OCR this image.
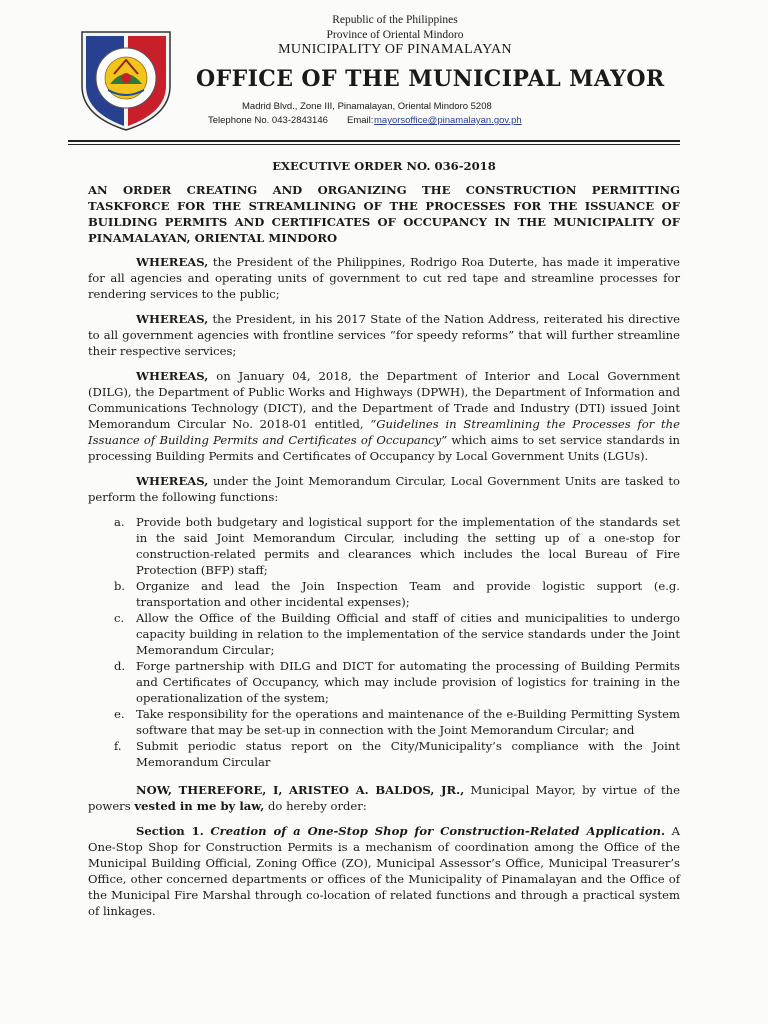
Republic of the Philippines
Province of Oriental Mindoro
MUNICIPALITY OF PINAMALAYAN
OFFICE OF THE MUNICIPAL MAYOR
Madrid Blvd., Zone III, Pinamalayan, Oriental Mindoro 5208
Telephone No. 043-2843146 Email: mayorsoffice@pinamalayan.gov.ph
EXECUTIVE ORDER NO. 036-2018
AN ORDER CREATING AND ORGANIZING THE CONSTRUCTION PERMITTING TASKFORCE FOR THE STREAMLINING OF THE PROCESSES FOR THE ISSUANCE OF BUILDING PERMITS AND CERTIFICATES OF OCCUPANCY IN THE MUNICIPALITY OF PINAMALAYAN, ORIENTAL MINDORO

WHEREAS, the President of the Philippines, Rodrigo Roa Duterte, has made it imperative for all agencies and operating units of government to cut red tape and streamline processes for rendering services to the public;

WHEREAS, the President, in his 2017 State of the Nation Address, reiterated his directive to all government agencies with frontline services “for speedy reforms” that will further streamline their respective services;

WHEREAS, on January 04, 2018, the Department of Interior and Local Government (DILG), the Department of Public Works and Highways (DPWH), the Department of Information and Communications Technology (DICT), and the Department of Trade and Industry (DTI) issued Joint Memorandum Circular No. 2018-01 entitled, “Guidelines in Streamlining the Processes for the Issuance of Building Permits and Certificates of Occupancy” which aims to set service standards in processing Building Permits and Certificates of Occupancy by Local Government Units (LGUs).

WHEREAS, under the Joint Memorandum Circular, Local Government Units are tasked to perform the following functions:

a. Provide both budgetary and logistical support for the implementation of the standards set in the said Joint Memorandum Circular, including the setting up of a one-stop for construction-related permits and clearances which includes the local Bureau of Fire Protection (BFP) staff;
b. Organize and lead the Join Inspection Team and provide logistic support (e.g. transportation and other incidental expenses);
c. Allow the Office of the Building Official and staff of cities and municipalities to undergo capacity building in relation to the implementation of the service standards under the Joint Memorandum Circular;
d. Forge partnership with DILG and DICT for automating the processing of Building Permits and Certificates of Occupancy, which may include provision of logistics for training in the operationalization of the system;
e. Take responsibility for the operations and maintenance of the e-Building Permitting System software that may be set-up in connection with the Joint Memorandum Circular; and
f. Submit periodic status report on the City/Municipality’s compliance with the Joint Memorandum Circular

NOW, THEREFORE, I, ARISTEO A. BALDOS, JR., Municipal Mayor, by virtue of the powers vested in me by law, do hereby order:

Section 1. Creation of a One-Stop Shop for Construction-Related Application. A One-Stop Shop for Construction Permits is a mechanism of coordination among the Office of the Municipal Building Official, Zoning Office (ZO), Municipal Assessor’s Office, Municipal Treasurer’s Office, other concerned departments or offices of the Municipality of Pinamalayan and the Office of the Municipal Fire Marshal through co-location of related functions and through a practical system of linkages.
